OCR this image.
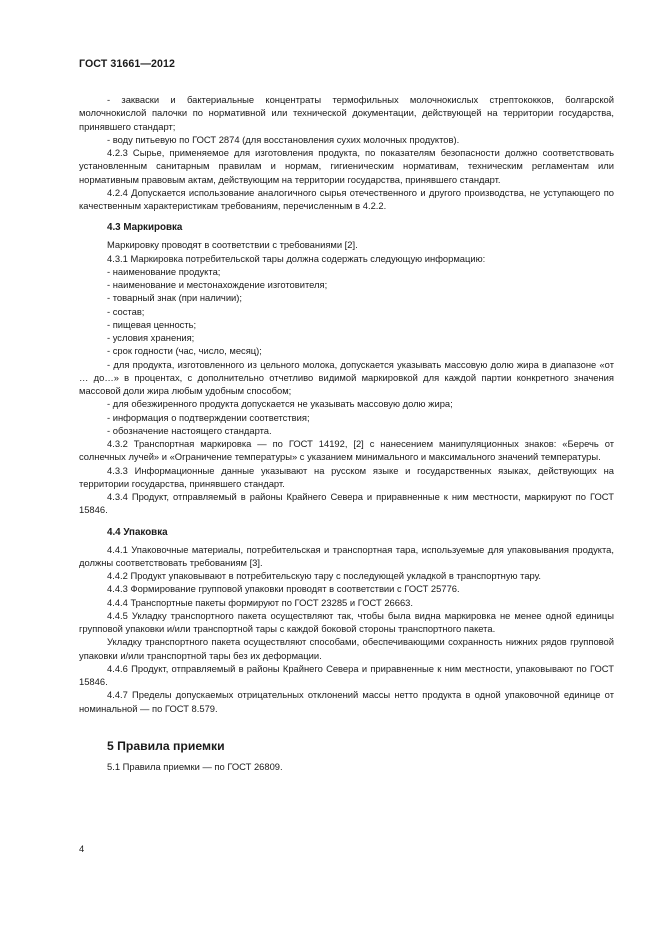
ГОСТ 31661—2012

- закваски и бактериальные концентраты термофильных молочнокислых стрептококков, болгарской молочнокислой палочки по нормативной или технической документации, действующей на территории государства, принявшего стандарт;

- воду питьевую по ГОСТ 2874 (для восстановления сухих молочных продуктов).

4.2.3 Сырье, применяемое для изготовления продукта, по показателям безопасности должно соответствовать установленным санитарным правилам и нормам, гигиеническим нормативам, техническим регламентам или нормативным правовым актам, действующим на территории государства, принявшего стандарт.

4.2.4 Допускается использование аналогичного сырья отечественного и другого производства, не уступающего по качественным характеристикам требованиям, перечисленным в 4.2.2.

4.3 Маркировка

Маркировку проводят в соответствии с требованиями [2].

4.3.1 Маркировка потребительской тары должна содержать следующую информацию:

- наименование продукта;

- наименование и местонахождение изготовителя;

- товарный знак (при наличии);

- состав;

- пищевая ценность;

- условия хранения;

- срок годности (час, число, месяц);

- для продукта, изготовленного из цельного молока, допускается указывать массовую долю жира в диапазоне «от … до…» в процентах, с дополнительно отчетливо видимой маркировкой для каждой партии конкретного значения массовой доли жира любым удобным способом;

- для обезжиренного продукта допускается не указывать массовую долю жира;

- информация о подтверждении соответствия;

- обозначение настоящего стандарта.

4.3.2 Транспортная маркировка — по ГОСТ 14192, [2] с нанесением манипуляционных знаков: «Беречь от солнечных лучей» и «Ограничение температуры» с указанием минимального и максимального значений температуры.

4.3.3 Информационные данные указывают на русском языке и государственных языках, действующих на территории государства, принявшего стандарт.

4.3.4 Продукт, отправляемый в районы Крайнего Севера и приравненные к ним местности, маркируют по ГОСТ 15846.

4.4 Упаковка

4.4.1 Упаковочные материалы, потребительская и транспортная тара, используемые для упаковывания продукта, должны соответствовать требованиям [3].

4.4.2 Продукт упаковывают в потребительскую тару с последующей укладкой в транспортную тару.

4.4.3 Формирование групповой упаковки проводят в соответствии с ГОСТ 25776.

4.4.4 Транспортные пакеты формируют по ГОСТ 23285 и ГОСТ 26663.

4.4.5 Укладку транспортного пакета осуществляют так, чтобы была видна маркировка не менее одной единицы групповой упаковки и/или транспортной тары с каждой боковой стороны транспортного пакета.

Укладку транспортного пакета осуществляют способами, обеспечивающими сохранность нижних рядов групповой упаковки и/или транспортной тары без их деформации.

4.4.6 Продукт, отправляемый в районы Крайнего Севера и приравненные к ним местности, упаковывают по ГОСТ 15846.

4.4.7 Пределы допускаемых отрицательных отклонений массы нетто продукта в одной упаковочной единице от номинальной — по ГОСТ 8.579.

5 Правила приемки

5.1 Правила приемки — по ГОСТ 26809.

4
